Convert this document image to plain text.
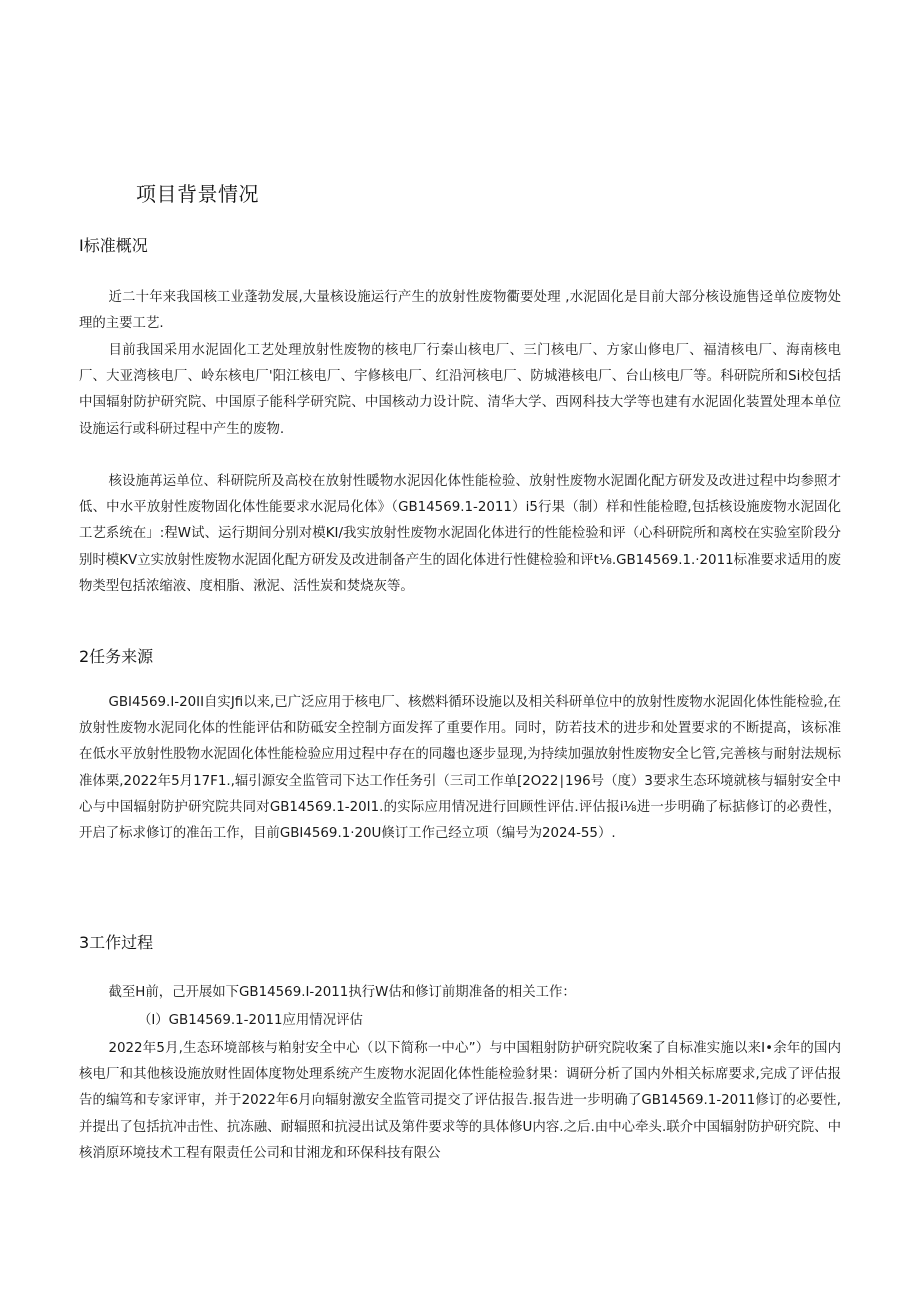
项目背景情况
I标准概况

近二十年来我国核工业蓬勃发展,大量核设施运行产生的放射性废物衢要处理 ,水泥固化是目前大部分核设施售迳单位废物处理的主要工艺.

目前我国采用水泥固化工艺处理放射性废物的核电厂行秦山核电厂、三门核电厂、方家山修电厂、福清核电厂、海南核电厂、大亚湾核电厂、岭东核电厂'阳江核电厂、宇修核电厂、红沿河核电厂、防城港核电厂、台山核电厂等。科研院所和Si校包括中国辐射防护研究院、中国原子能科学研究院、中国核动力设计院、清华大学、西网科技大学等也建有水泥固化装置处理本单位设施运行或科研过程中产生的废物.

核设施苒运单位、科研院所及高校在放射性暖物水泥因化体性能检验、放射性废物水泥圊化配方研发及改进过程中均参照才低、中水平放射性废物固化体性能要求水泥局化体》（GB14569.1-2011）i5行果（制）样和性能检瞪,包括核设施废物水泥固化工艺系统在」:程W试、运行期间分别对模KI/我实放射性废物水泥固化体进行的性能检验和评（心科研院所和离校在实验室阶段分别时模KV立实放射性废物水泥固化配方研发及改进制备产生的固化体进行性健检验和评t⅛.GB14569.1.·2011标准要求适用的废物类型包括浓缩液、度相脂、湫泥、活性炭和焚烧灰等。

2任务来源

GBI4569.I-20II自实Jfi以来,已广泛应用于核电厂、核燃料循环设施以及相关科研单位中的放射性废物水泥固化体性能检验,在放射性废物水泥同化体的性能评估和防砥安全控制方面发挥了重要作用。同时，防若技术的进步和处置要求的不断提高，该标准在低水平放射性股物水泥固化体性能检验应用过程中存在的同趨也逐步显现,为持续加强放射性废物安全匕管,完善核与耐射法规标准体栗,2022年5月17F1.,辐引源安全监管司下达工作任务引（三司工作单[2O22∣196号（度）3要求生态环境就核与辐射安全中心与中国辐射防护研究院共同对GB14569.1-20I1.的实际应用情况进行回顾性评估.评估报i⅛进一步明确了标掂修订的必费性，开启了标求修订的准缶工作，目前GBI4569.1·20U倏订工作己经立项（编号为2024-55）.

3工作过程

截至H前，己开展如下GB14569.I-2011执行W估和修订前期准备的相关工作：

（I）GB14569.1-2011应用情况评估

2022年5月,生态环境部核与粕射安全中心（以下简称一中心”）与中国粗射防护研究院收案了自标准实施以来I•余年的国内核电厂和其他核设施放财性固体度物处理系统产生废物水泥固化体性能检验豺果：调研分析了国内外相关标席要求,完成了评估报告的编笃和专家评审，并于2022年6月向辐射激安全监管司提交了评估报告.报告进一步明确了GB14569.1-2011修订的必要性,并提出了包括抗冲击性、抗冻融、耐辐照和抗浸出试及第件要求等的具体修U内容.之后.由中心牵头.联介中国辐射防护研究院、中核消原环境技术工程有限责任公司和甘湘龙和环保科技有限公
